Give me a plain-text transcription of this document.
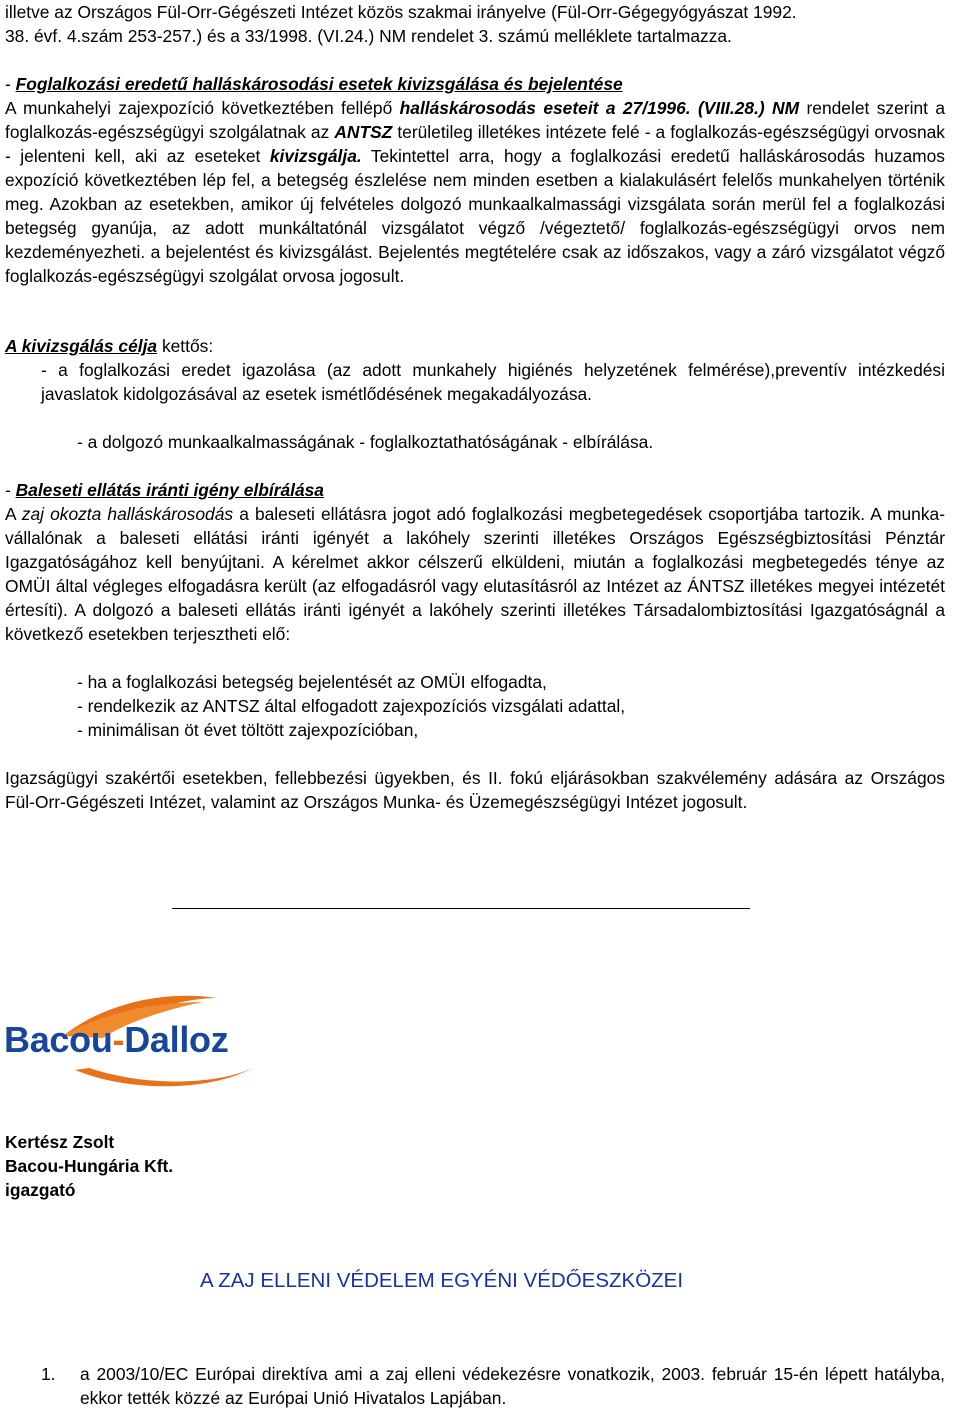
illetve az Országos Fül-Orr-Gégészeti Intézet közös szakmai irányelve (Fül-Orr-Gégegyógyászat 1992.

38. évf. 4.szám 253-257.) és a 33/1998. (VI.24.) NM rendelet 3. számú melléklete tartalmazza.

- Foglalkozási eredetű halláskárosodási esetek kivizsgálása és bejelentése

A munkahelyi zajexpozíció következtében fellépő halláskárosodás eseteit a 27/1996. (VIII.28.) NM rendelet szerint a foglalkozás-egészségügyi szolgálatnak az ANTSZ területileg illetékes intézete felé - a foglalkozás-egészségügyi orvosnak - jelenteni kell, aki az eseteket kivizsgálja. Tekintettel arra, hogy a foglalkozási eredetű halláskárosodás huzamos expozíció következtében lép fel, a betegség észlelése nem minden esetben a kialakulásért felelős munkahelyen történik meg. Azokban az esetekben, amikor új felvételes dolgozó munkaalkalmassági vizsgálata során merül fel a foglalkozási betegség gyanúja, az adott munkáltatónál vizsgálatot végző /végeztető/ foglalkozás-egészségügyi orvos nem kezdeményezheti. a bejelentést és kivizsgálást. Bejelentés megtételére csak az időszakos, vagy a záró vizsgálatot végző foglalkozás-egészségügyi szolgálat orvosa jogosult.

A kivizsgálás célja kettős:

- a foglalkozási eredet igazolása (az adott munkahely higiénés helyzetének felmérése),preventív intézkedési javaslatok kidolgozásával az esetek ismétlődésének megakadályozása.

- a dolgozó munkaalkalmasságának - foglalkoztathatóságának - elbírálása.

- Baleseti ellátás iránti igény elbírálása

A zaj okozta halláskárosodás a baleseti ellátásra jogot adó foglalkozási megbetegedések csoportjába tartozik. A munka-vállalónak a baleseti ellátási iránti igényét a lakóhely szerinti illetékes Országos Egészségbiztosítási Pénztár Igazgatóságához kell benyújtani. A kérelmet akkor célszerű elküldeni, miután a foglalkozási megbetegedés ténye az OMÜI által végleges elfogadásra került (az elfogadásról vagy elutasításról az Intézet az ÁNTSZ illetékes megyei intézetét értesíti). A dolgozó a baleseti ellátás iránti igényét a lakóhely szerinti illetékes Társadalombiztosítási Igazgatóságnál a következő esetekben terjesztheti elő:

- ha a foglalkozási betegség bejelentését az OMÜI elfogadta,

- rendelkezik az ANTSZ által elfogadott zajexpozíciós vizsgálati adattal,

- minimálisan öt évet töltött zajexpozícióban,

Igazságügyi szakértői esetekben, fellebbezési ügyekben, és II. fokú eljárásokban szakvélemény adására az Országos Fül-Orr-Gégészeti Intézet, valamint az Országos Munka- és Üzemegészségügyi Intézet jogosult.

Bacou-Dalloz
Kertész Zsolt
Bacou-Hungária Kft.
igazgató
A ZAJ ELLENI VÉDELEM EGYÉNI VÉDŐESZKÖZEI
1. a 2003/10/EC Európai direktíva ami a zaj elleni védekezésre vonatkozik, 2003. február 15-én lépett hatályba, ekkor tették közzé az Európai Unió Hivatalos Lapjában.
